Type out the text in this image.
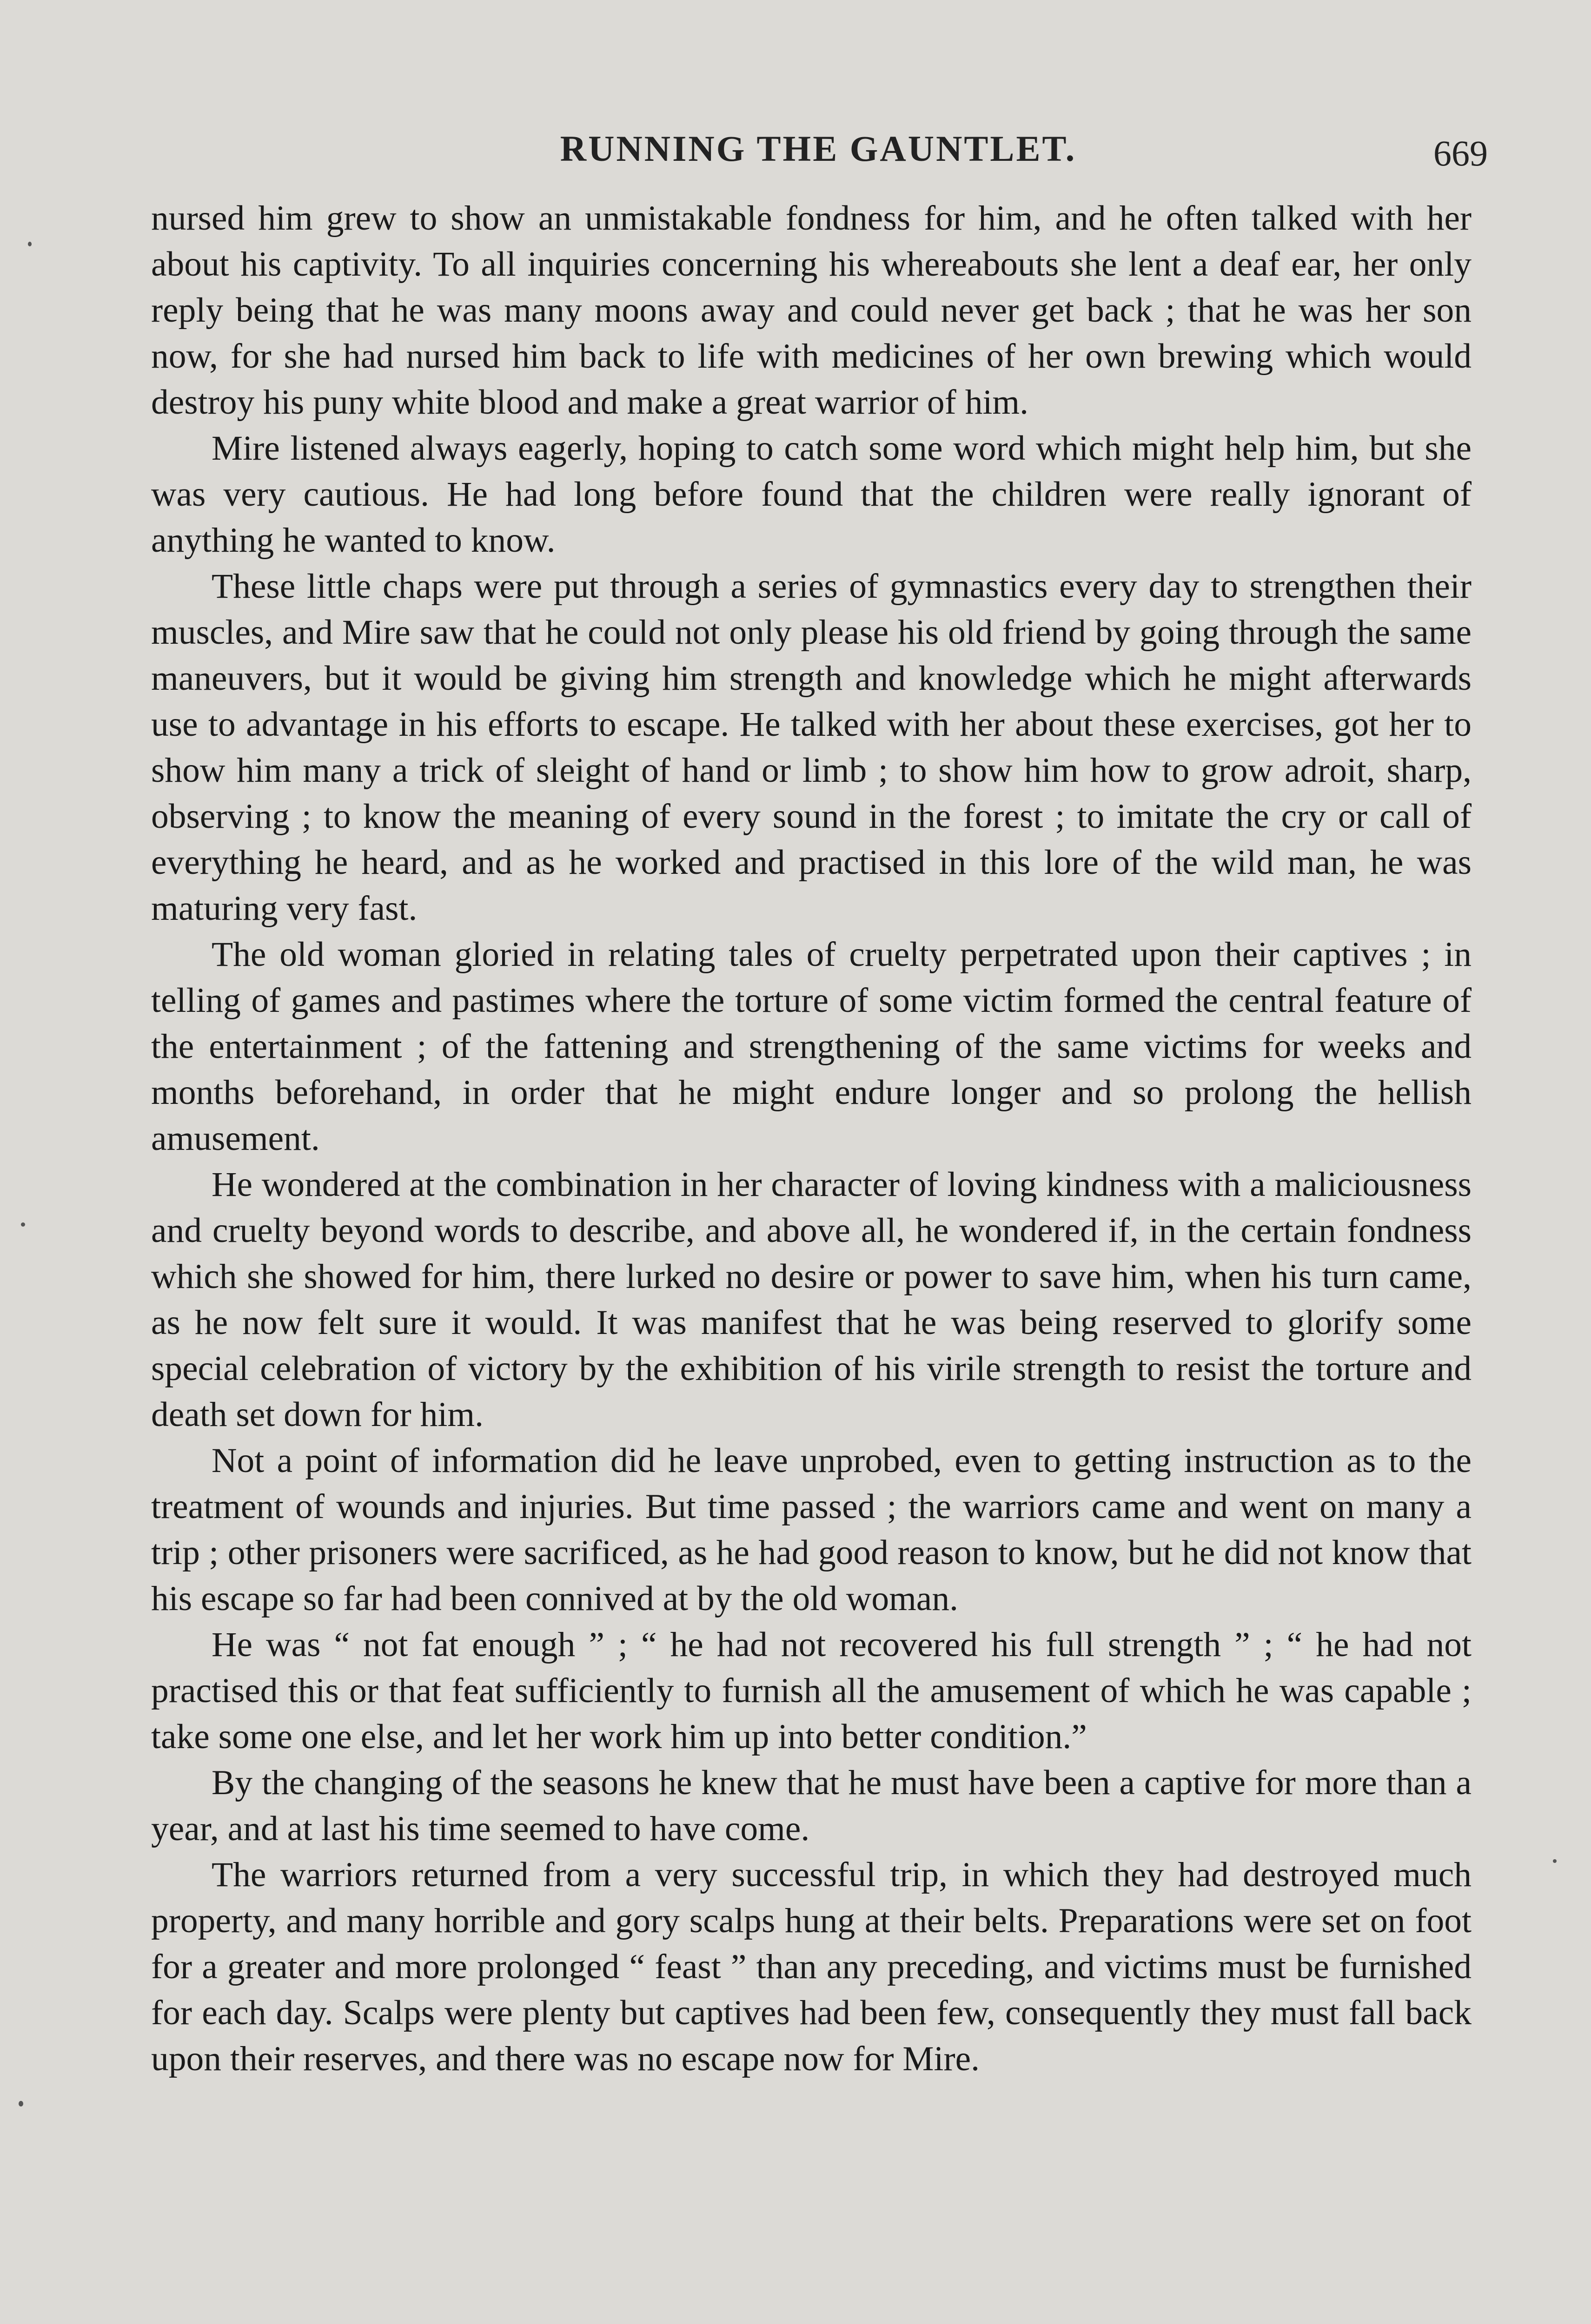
RUNNING THE GAUNTLET.	669

nursed him grew to show an unmistakable fondness for him, and he often talked with her about his captivity. To all inquiries concerning his whereabouts she lent a deaf ear, her only reply being that he was many moons away and could never get back ; that he was her son now, for she had nursed him back to life with medicines of her own brewing which would destroy his puny white blood and make a great warrior of him.

Mire listened always eagerly, hoping to catch some word which might help him, but she was very cautious. He had long before found that the children were really ignorant of anything he wanted to know.

These little chaps were put through a series of gymnastics every day to strengthen their muscles, and Mire saw that he could not only please his old friend by going through the same maneuvers, but it would be giving him strength and knowledge which he might afterwards use to advantage in his efforts to escape. He talked with her about these exercises, got her to show him many a trick of sleight of hand or limb ; to show him how to grow adroit, sharp, observing ; to know the meaning of every sound in the forest ; to imitate the cry or call of everything he heard, and as he worked and practised in this lore of the wild man, he was maturing very fast.

The old woman gloried in relating tales of cruelty perpetrated upon their captives ; in telling of games and pastimes where the torture of some victim formed the central feature of the entertainment ; of the fattening and strengthening of the same victims for weeks and months beforehand, in order that he might endure longer and so prolong the hellish amusement.

He wondered at the combination in her character of loving kindness with a maliciousness and cruelty beyond words to describe, and above all, he wondered if, in the certain fondness which she showed for him, there lurked no desire or power to save him, when his turn came, as he now felt sure it would. It was manifest that he was being reserved to glorify some special celebration of victory by the exhibition of his virile strength to resist the torture and death set down for him.

Not a point of information did he leave unprobed, even to getting instruction as to the treatment of wounds and injuries. But time passed ; the warriors came and went on many a trip ; other prisoners were sacrificed, as he had good reason to know, but he did not know that his escape so far had been connived at by the old woman.

He was “ not fat enough ” ; “ he had not recovered his full strength ” ; “ he had not practised this or that feat sufficiently to furnish all the amusement of which he was capable ; take some one else, and let her work him up into better condition.”

By the changing of the seasons he knew that he must have been a captive for more than a year, and at last his time seemed to have come.

The warriors returned from a very successful trip, in which they had destroyed much property, and many horrible and gory scalps hung at their belts. Preparations were set on foot for a greater and more prolonged “ feast ” than any preceding, and victims must be furnished for each day. Scalps were plenty but captives had been few, consequently they must fall back upon their reserves, and there was no escape now for Mire.
